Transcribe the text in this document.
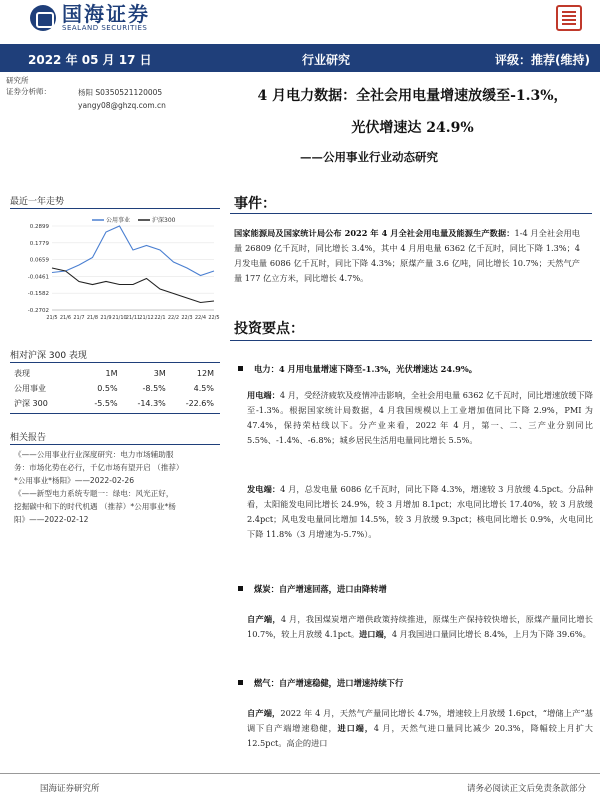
国海证券
SEALAND SECURITIES
2022 年 05 月 17 日	行业研究	评级：推荐(维持)
研究所
证券分析师：	杨阳 S0350521120005
yangy08@ghzq.com.cn
4 月电力数据：全社会用电量增速放缓至-1.3%，
光伏增速达 24.9%
——公用事业行业动态研究
最近一年走势
0.2899
0.1779
0.0659
-0.0461
-0.1582
-0.2702
21/5 21/6 21/7 21/8 21/9 21/10 21/11 21/12 22/1 22/2 22/3 22/4 22/5
公用事业	沪深300
相对沪深 300 表现
表现	1M	3M	12M
公用事业	0.5%	-8.5%	4.5%
沪深 300	-5.5%	-14.3%	-22.6%
相关报告
《——公用事业行业深度研究：电力市场辅助服
务：市场化势在必行，千亿市场有望开启 （推荐）
*公用事业*杨阳》——2022-02-26
《——新型电力系统专题一：绿电：风光正好，
挖掘碳中和下的时代机遇 （推荐）*公用事业*杨
阳》——2022-02-12
事件：
国家能源局及国家统计局公布 2022 年 4 月全社会用电量及能源生产数据：1-4 月全社会用电量 26809 亿千瓦时，同比增长 3.4%，其中 4 月用电量 6362 亿千瓦时，同比下降 1.3%；4 月发电量 6086 亿千瓦时，同比下降 4.3%；原煤产量 3.6 亿吨，同比增长 10.7%；天然气产量 177 亿立方米，同比增长 4.7%。
投资要点：
电力：4 月用电量增速下降至-1.3%，光伏增速达 24.9%。
用电端：4 月，受经济疲软及疫情冲击影响，全社会用电量 6362 亿千瓦时，同比增速放缓下降至-1.3%。根据国家统计局数据，4 月我国规模以上工业增加值同比下降 2.9%，PMI 为 47.4%，保持荣枯线以下。分产业来看，2022 年 4 月，第一、二、三产业分别同比 5.5%、-1.4%、-6.8%；城乡居民生活用电量同比增长 5.5%。
发电端：4 月，总发电量 6086 亿千瓦时，同比下降 4.3%，增速较 3 月放缓 4.5pct。分品种看，太阳能发电同比增长 24.9%，较 3 月增加 8.1pct；水电同比增长 17.40%，较 3 月放缓 2.4pct；风电发电量同比增加 14.5%，较 3 月放缓 9.3pct；核电同比增长 0.9%，火电同比下降 11.8%（3 月增速为-5.7%）。
煤炭：自产增速回落，进口由降转增
自产端，4 月，我国煤炭增产增供政策持续推进，原煤生产保持较快增长，原煤产量同比增长 10.7%，较上月放缓 4.1pct。进口端，4 月我国进口量同比增长 8.4%，上月为下降 39.6%。
燃气：自产增速稳健，进口增速持续下行
自产端，2022 年 4 月，天然气产量同比增长 4.7%，增速较上月放缓 1.6pct，“增储上产”基调下自产端增速稳健，进口端，4 月，天然气进口量同比减少 20.3%，降幅较上月扩大 12.5pct。高企的进口
国海证券研究所	请务必阅读正文后免责条款部分
